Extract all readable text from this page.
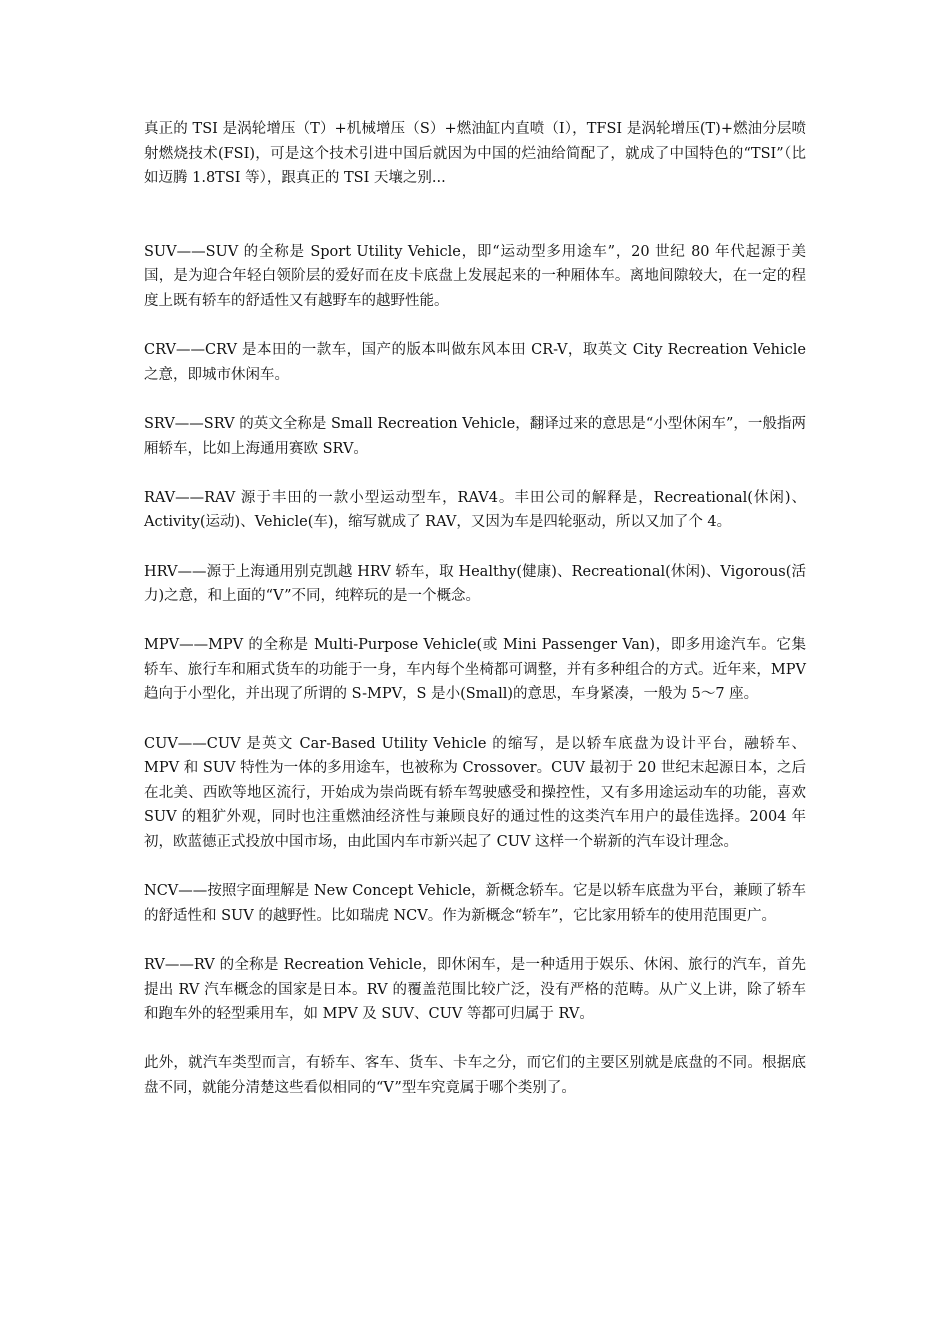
真正的 TSI 是涡轮增压（T）+机械增压（S）+燃油缸内直喷（I），TFSI 是涡轮增压(T)+燃油分层喷射燃烧技术(FSI)，可是这个技术引进中国后就因为中国的烂油给简配了，就成了中国特色的“TSI”（比如迈腾 1.8TSI 等），跟真正的 TSI 天壤之别...

SUV——SUV 的全称是 Sport Utility Vehicle，即“运动型多用途车”，20 世纪 80 年代起源于美国，是为迎合年轻白领阶层的爱好而在皮卡底盘上发展起来的一种厢体车。离地间隙较大，在一定的程度上既有轿车的舒适性又有越野车的越野性能。

CRV——CRV 是本田的一款车，国产的版本叫做东风本田 CR-V，取英文 City Recreation Vehicle 之意，即城市休闲车。

SRV——SRV 的英文全称是 Small Recreation Vehicle，翻译过来的意思是“小型休闲车”，一般指两厢轿车，比如上海通用赛欧 SRV。

RAV——RAV 源于丰田的一款小型运动型车，RAV4。丰田公司的解释是，Recreational(休闲)、Activity(运动)、Vehicle(车)，缩写就成了 RAV，又因为车是四轮驱动，所以又加了个 4。

HRV——源于上海通用别克凯越 HRV 轿车，取 Healthy(健康)、Recreational(休闲)、Vigorous(活力)之意，和上面的“V”不同，纯粹玩的是一个概念。

MPV——MPV 的全称是 Multi-Purpose Vehicle(或 Mini Passenger Van)，即多用途汽车。它集轿车、旅行车和厢式货车的功能于一身，车内每个坐椅都可调整，并有多种组合的方式。近年来，MPV 趋向于小型化，并出现了所谓的 S-MPV，S 是小(Small)的意思，车身紧凑，一般为 5～7 座。

CUV——CUV 是英文 Car-Based Utility Vehicle 的缩写，是以轿车底盘为设计平台，融轿车、MPV 和 SUV 特性为一体的多用途车，也被称为 Crossover。CUV 最初于 20 世纪末起源日本，之后在北美、西欧等地区流行，开始成为崇尚既有轿车驾驶感受和操控性，又有多用途运动车的功能，喜欢 SUV 的粗犷外观，同时也注重燃油经济性与兼顾良好的通过性的这类汽车用户的最佳选择。2004 年初，欧蓝德正式投放中国市场，由此国内车市新兴起了 CUV 这样一个崭新的汽车设计理念。

NCV——按照字面理解是 New Concept Vehicle，新概念轿车。它是以轿车底盘为平台，兼顾了轿车的舒适性和 SUV 的越野性。比如瑞虎 NCV。作为新概念“轿车”，它比家用轿车的使用范围更广。

RV——RV 的全称是 Recreation Vehicle，即休闲车，是一种适用于娱乐、休闲、旅行的汽车，首先提出 RV 汽车概念的国家是日本。RV 的覆盖范围比较广泛，没有严格的范畴。从广义上讲，除了轿车和跑车外的轻型乘用车，如 MPV 及 SUV、CUV 等都可归属于 RV。

此外，就汽车类型而言，有轿车、客车、货车、卡车之分，而它们的主要区别就是底盘的不同。根据底盘不同，就能分清楚这些看似相同的“V”型车究竟属于哪个类别了。
